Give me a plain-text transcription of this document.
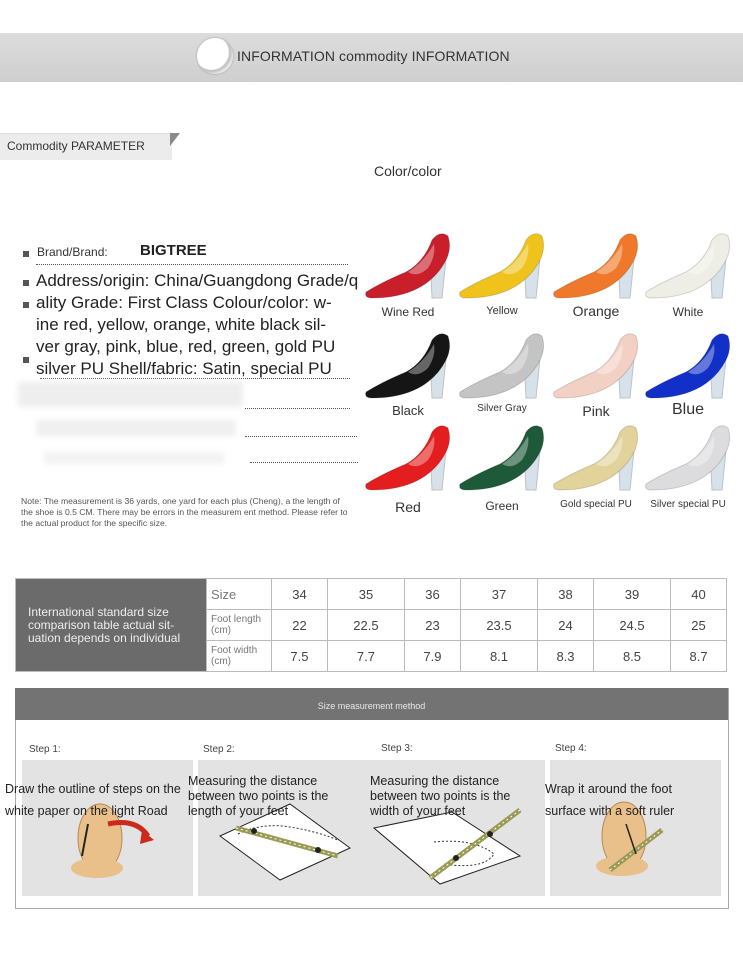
INFORMATION commodity INFORMATION
Commodity PARAMETER
Color/color
Brand/Brand: BIGTREE
Address/origin: China/Guangdong Grade/q
ality Grade: First Class Colour/color: w-
ine red, yellow, orange, white black sil-
ver gray, pink, blue, red, green, gold PU
silver PU Shell/fabric: Satin, special PU
Note: The measurement is 36 yards, one yard for each plus (Cheng), a the length of the shoe is 0.5 CM. There may be errors in the measurem ent method. Please refer to the actual product for the specific size.
Wine Red	Yellow	Orange	White
Black	Silver Gray	Pink	Blue
Red	Green	Gold special PU	Silver special PU
International standard size comparison table actual sit-uation depends on individual	Size	34	35	36	37	38	39	40
	Foot length (cm)	22	22.5	23	23.5	24	24.5	25
	Foot width (cm)	7.5	7.7	7.9	8.1	8.3	8.5	8.7
Size measurement method
Step 1:	Step 2:	Step 3:	Step 4:
Draw the outline of steps on the white paper on the light Road
Measuring the distance between two points is the length of your feet
Measuring the distance between two points is the width of your feet
Wrap it around the foot surface with a soft ruler
